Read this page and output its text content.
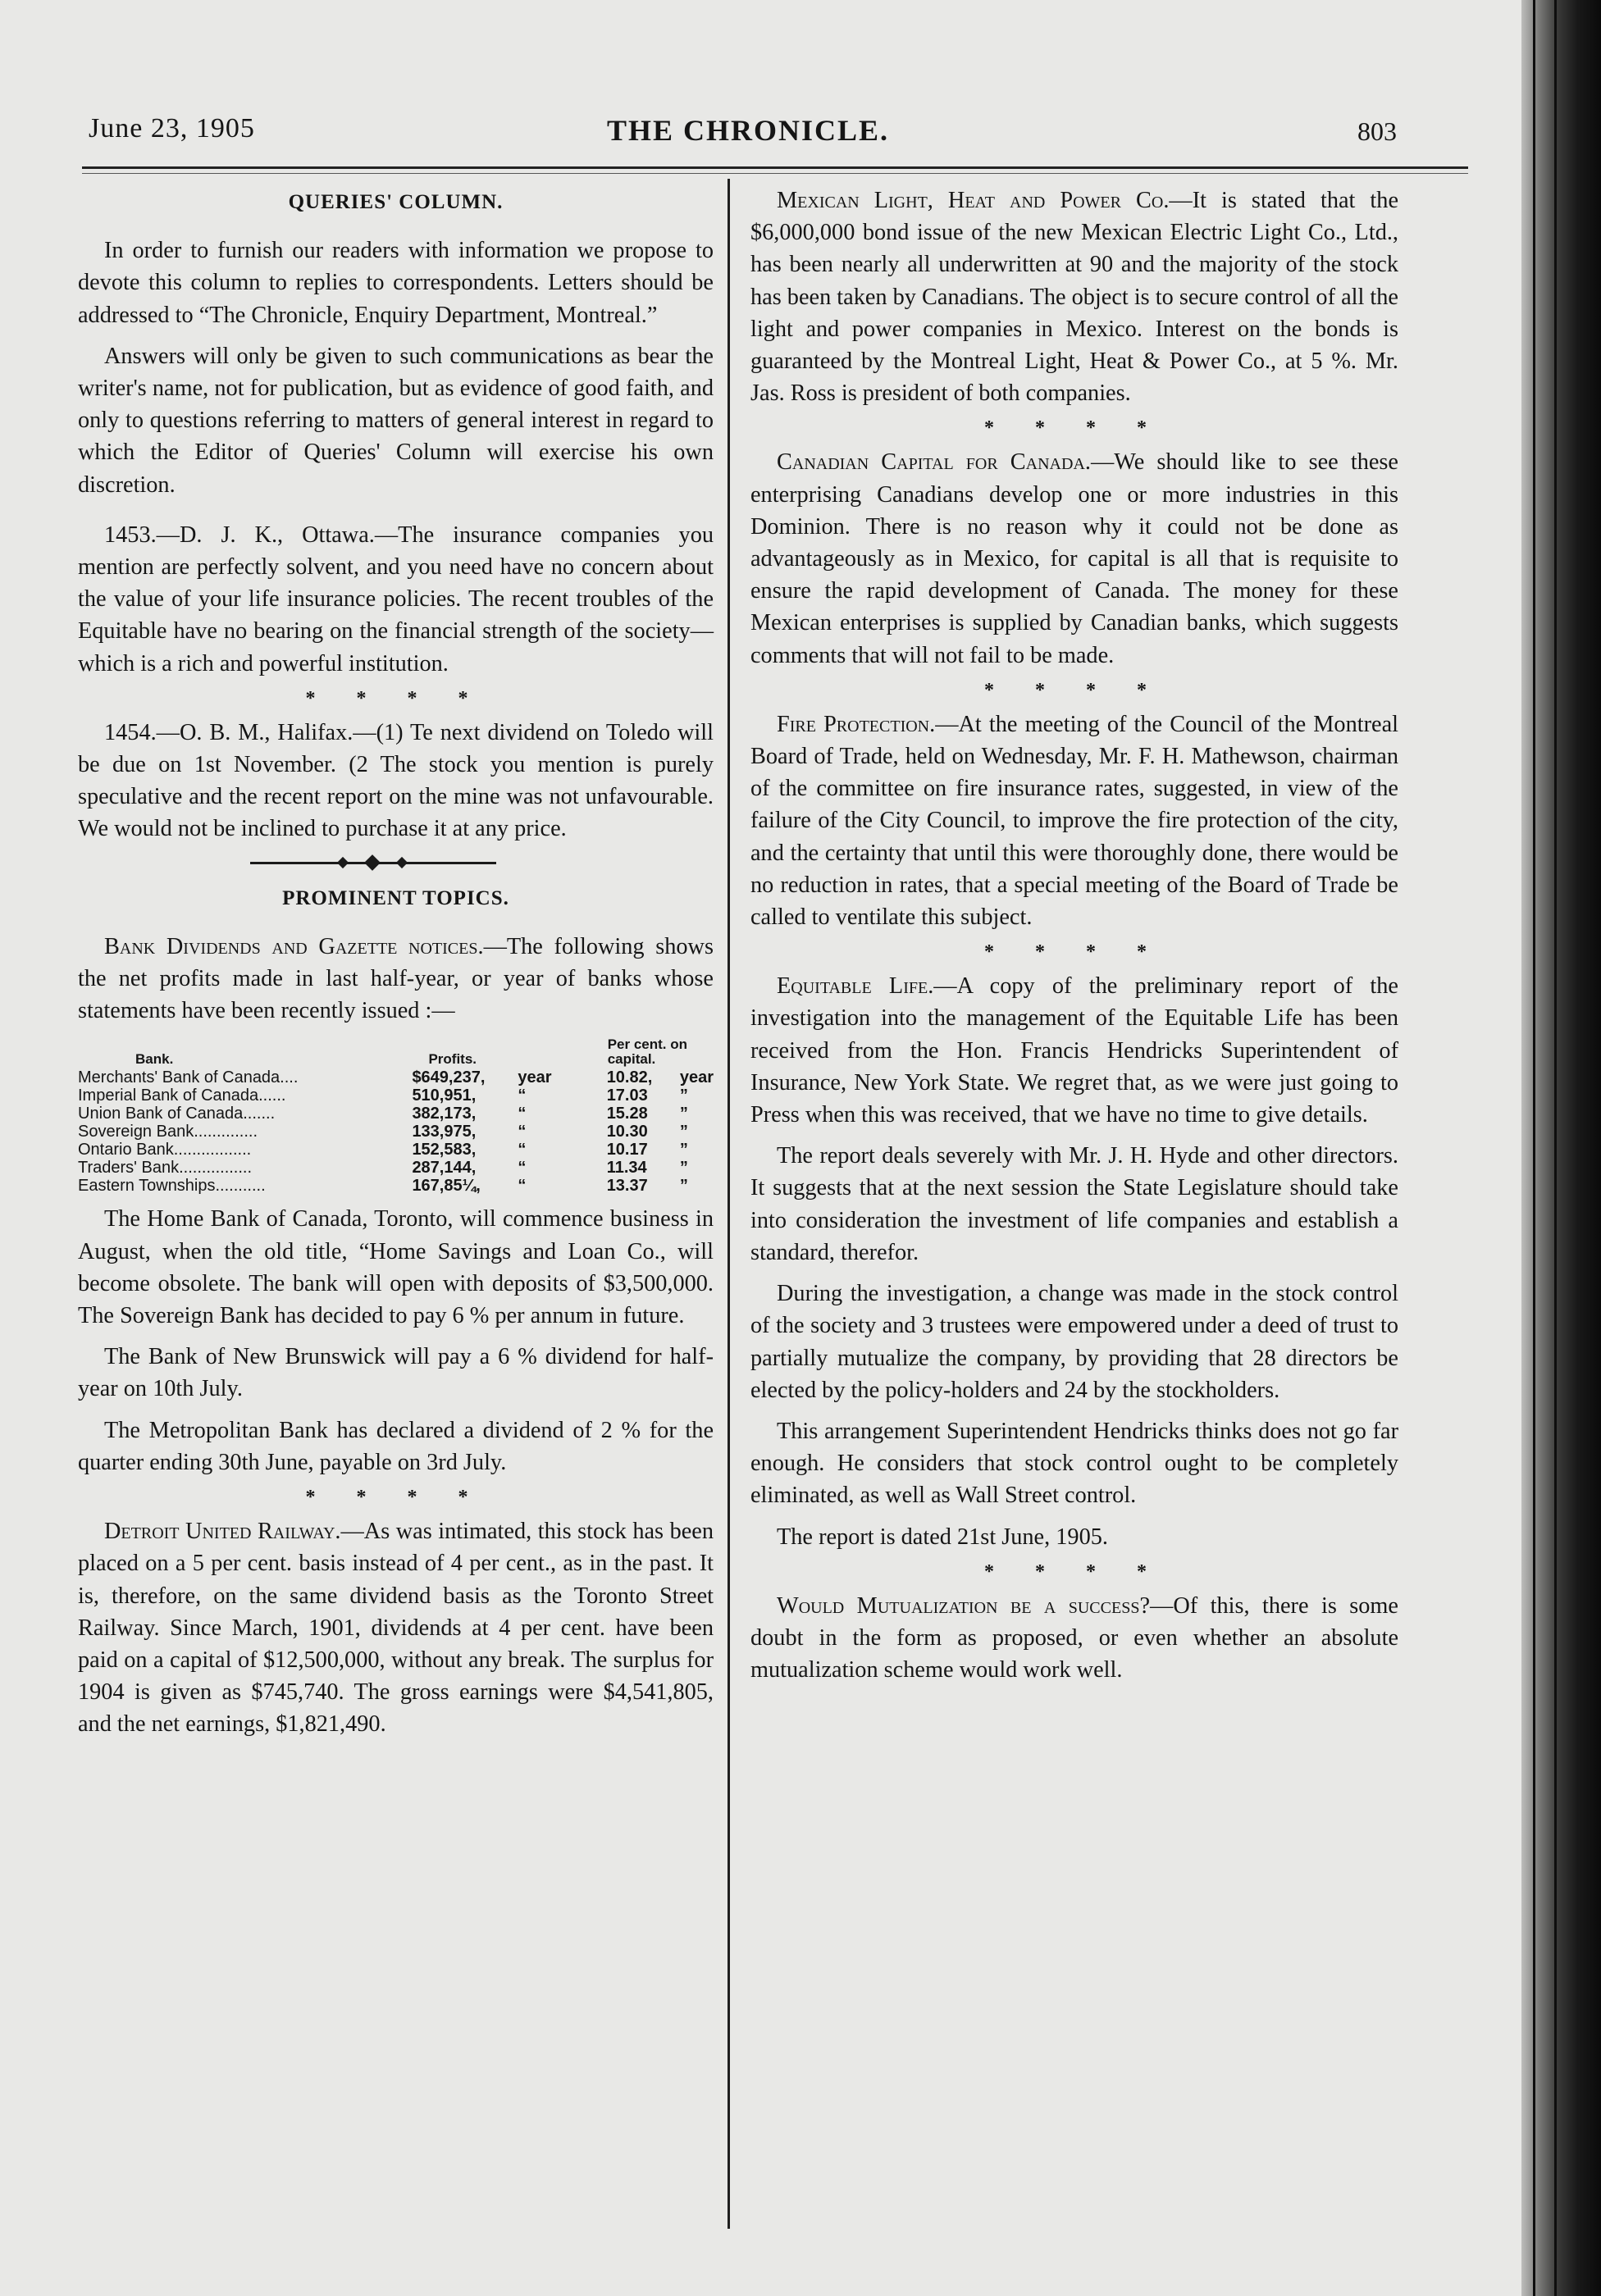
June 23, 1905	THE CHRONICLE.	803
QUERIES' COLUMN.

In order to furnish our readers with information we propose to devote this column to replies to correspondents. Letters should be addressed to “The Chronicle, Enquiry Department, Montreal.”

Answers will only be given to such communications as bear the writer's name, not for publication, but as evidence of good faith, and only to questions referring to matters of general interest in regard to which the Editor of Queries' Column will exercise his own discretion.

1453.—D. J. K., Ottawa.—The insurance companies you mention are perfectly solvent, and you need have no concern about the value of your life insurance policies. The recent troubles of the Equitable have no bearing on the financial strength of the society—which is a rich and powerful institution.

* * * *

1454.—O. B. M., Halifax.—(1) Te next dividend on Toledo will be due on 1st November. (2 The stock you mention is purely speculative and the recent report on the mine was not unfavourable. We would not be inclined to purchase it at any price.

PROMINENT TOPICS.

Bank Dividends and Gazette notices.—The following shows the net profits made in last half-year, or year of banks whose statements have been recently issued :—

Bank.	Profits.		Per cent. on capital.	
Merchants' Bank of Canada....	$649,237,	year	10.82,	year
Imperial Bank of Canada......	510,951,	“	17.03	”
Union Bank of Canada.......	382,173,	“	15.28	”
Sovereign Bank..............	133,975,	“	10.30	”
Ontario Bank.................	152,583,	“	10.17	”
Traders' Bank................	287,144,	“	11.34	”
Eastern Townships...........	167,85¼,	“	13.37	”

The Home Bank of Canada, Toronto, will commence business in August, when the old title, “Home Savings and Loan Co., will become obsolete. The bank will open with deposits of $3,500,000. The Sovereign Bank has decided to pay 6 % per annum in future.

The Bank of New Brunswick will pay a 6 % dividend for half-year on 10th July.

The Metropolitan Bank has declared a dividend of 2 % for the quarter ending 30th June, payable on 3rd July.

* * * *

Detroit United Railway.—As was intimated, this stock has been placed on a 5 per cent. basis instead of 4 per cent., as in the past. It is, therefore, on the same dividend basis as the Toronto Street Railway. Since March, 1901, dividends at 4 per cent. have been paid on a capital of $12,500,000, without any break. The surplus for 1904 is given as $745,740. The gross earnings were $4,541,805, and the net earnings, $1,821,490.

Mexican Light, Heat and Power Co.—It is stated that the $6,000,000 bond issue of the new Mexican Electric Light Co., Ltd., has been nearly all underwritten at 90 and the majority of the stock has been taken by Canadians. The object is to secure control of all the light and power companies in Mexico. Interest on the bonds is guaranteed by the Montreal Light, Heat & Power Co., at 5 %. Mr. Jas. Ross is president of both companies.

* * * *

Canadian Capital for Canada.—We should like to see these enterprising Canadians develop one or more industries in this Dominion. There is no reason why it could not be done as advantageously as in Mexico, for capital is all that is requisite to ensure the rapid development of Canada. The money for these Mexican enterprises is supplied by Canadian banks, which suggests comments that will not fail to be made.

* * * *

Fire Protection.—At the meeting of the Council of the Montreal Board of Trade, held on Wednesday, Mr. F. H. Mathewson, chairman of the committee on fire insurance rates, suggested, in view of the failure of the City Council, to improve the fire protection of the city, and the certainty that until this were thoroughly done, there would be no reduction in rates, that a special meeting of the Board of Trade be called to ventilate this subject.

* * * *

Equitable Life.—A copy of the preliminary report of the investigation into the management of the Equitable Life has been received from the Hon. Francis Hendricks Superintendent of Insurance, New York State. We regret that, as we were just going to Press when this was received, that we have no time to give details.

The report deals severely with Mr. J. H. Hyde and other directors. It suggests that at the next session the State Legislature should take into consideration the investment of life companies and establish a standard, therefor.

During the investigation, a change was made in the stock control of the society and 3 trustees were empowered under a deed of trust to partially mutualize the company, by providing that 28 directors be elected by the policy-holders and 24 by the stockholders.

This arrangement Superintendent Hendricks thinks does not go far enough. He considers that stock control ought to be completely eliminated, as well as Wall Street control.

The report is dated 21st June, 1905.

* * * *

Would Mutualization be a success?—Of this, there is some doubt in the form as proposed, or even whether an absolute mutualization scheme would work well.
